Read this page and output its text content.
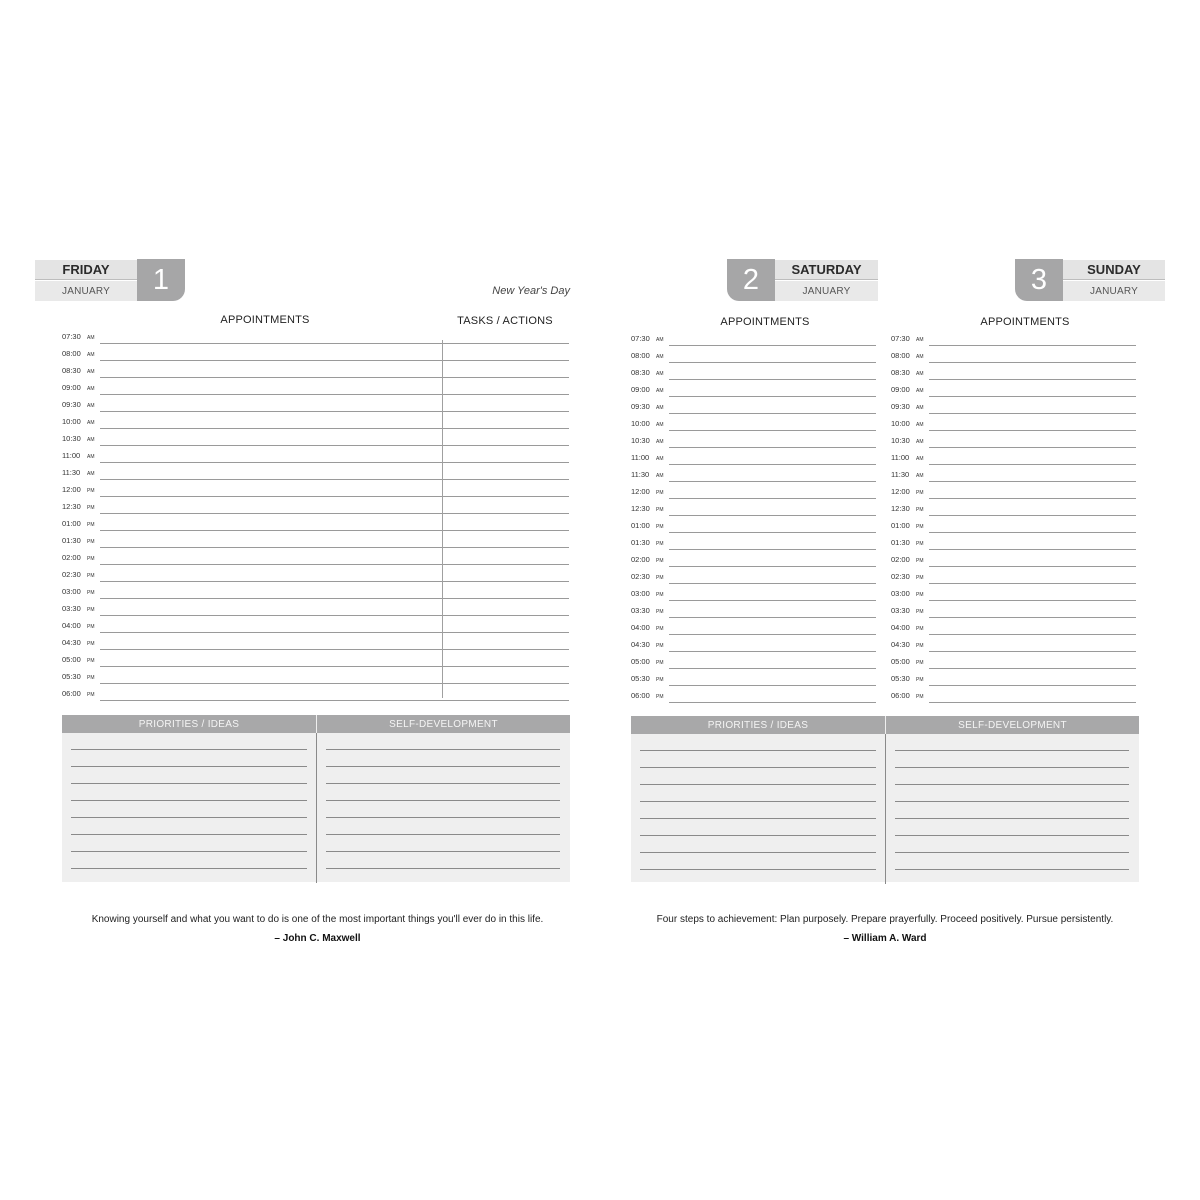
FRIDAY
JANUARY	1	New Year's Day
APPOINTMENTS	TASKS / ACTIONS
07:30 AM
08:00 AM
08:30 AM
09:00 AM
09:30 AM
10:00 AM
10:30 AM
11:00 AM
11:30 AM
12:00 PM
12:30 PM
01:00 PM
01:30 PM
02:00 PM
02:30 PM
03:00 PM
03:30 PM
04:00 PM
04:30 PM
05:00 PM
05:30 PM
06:00 PM
PRIORITIES / IDEAS	SELF-DEVELOPMENT
Knowing yourself and what you want to do is one of the most important things you'll ever do in this life.
– John C. Maxwell
2	SATURDAY
JANUARY	3	SUNDAY
JANUARY
APPOINTMENTS	APPOINTMENTS
07:30 AM
08:00 AM
08:30 AM
09:00 AM
09:30 AM
10:00 AM
10:30 AM
11:00 AM
11:30 AM
12:00 PM
12:30 PM
01:00 PM
01:30 PM
02:00 PM
02:30 PM
03:00 PM
03:30 PM
04:00 PM
04:30 PM
05:00 PM
05:30 PM
06:00 PM
07:30 AM
08:00 AM
08:30 AM
09:00 AM
09:30 AM
10:00 AM
10:30 AM
11:00 AM
11:30 AM
12:00 PM
12:30 PM
01:00 PM
01:30 PM
02:00 PM
02:30 PM
03:00 PM
03:30 PM
04:00 PM
04:30 PM
05:00 PM
05:30 PM
06:00 PM
PRIORITIES / IDEAS	SELF-DEVELOPMENT
Four steps to achievement: Plan purposely. Prepare prayerfully. Proceed positively. Pursue persistently.
– William A. Ward
